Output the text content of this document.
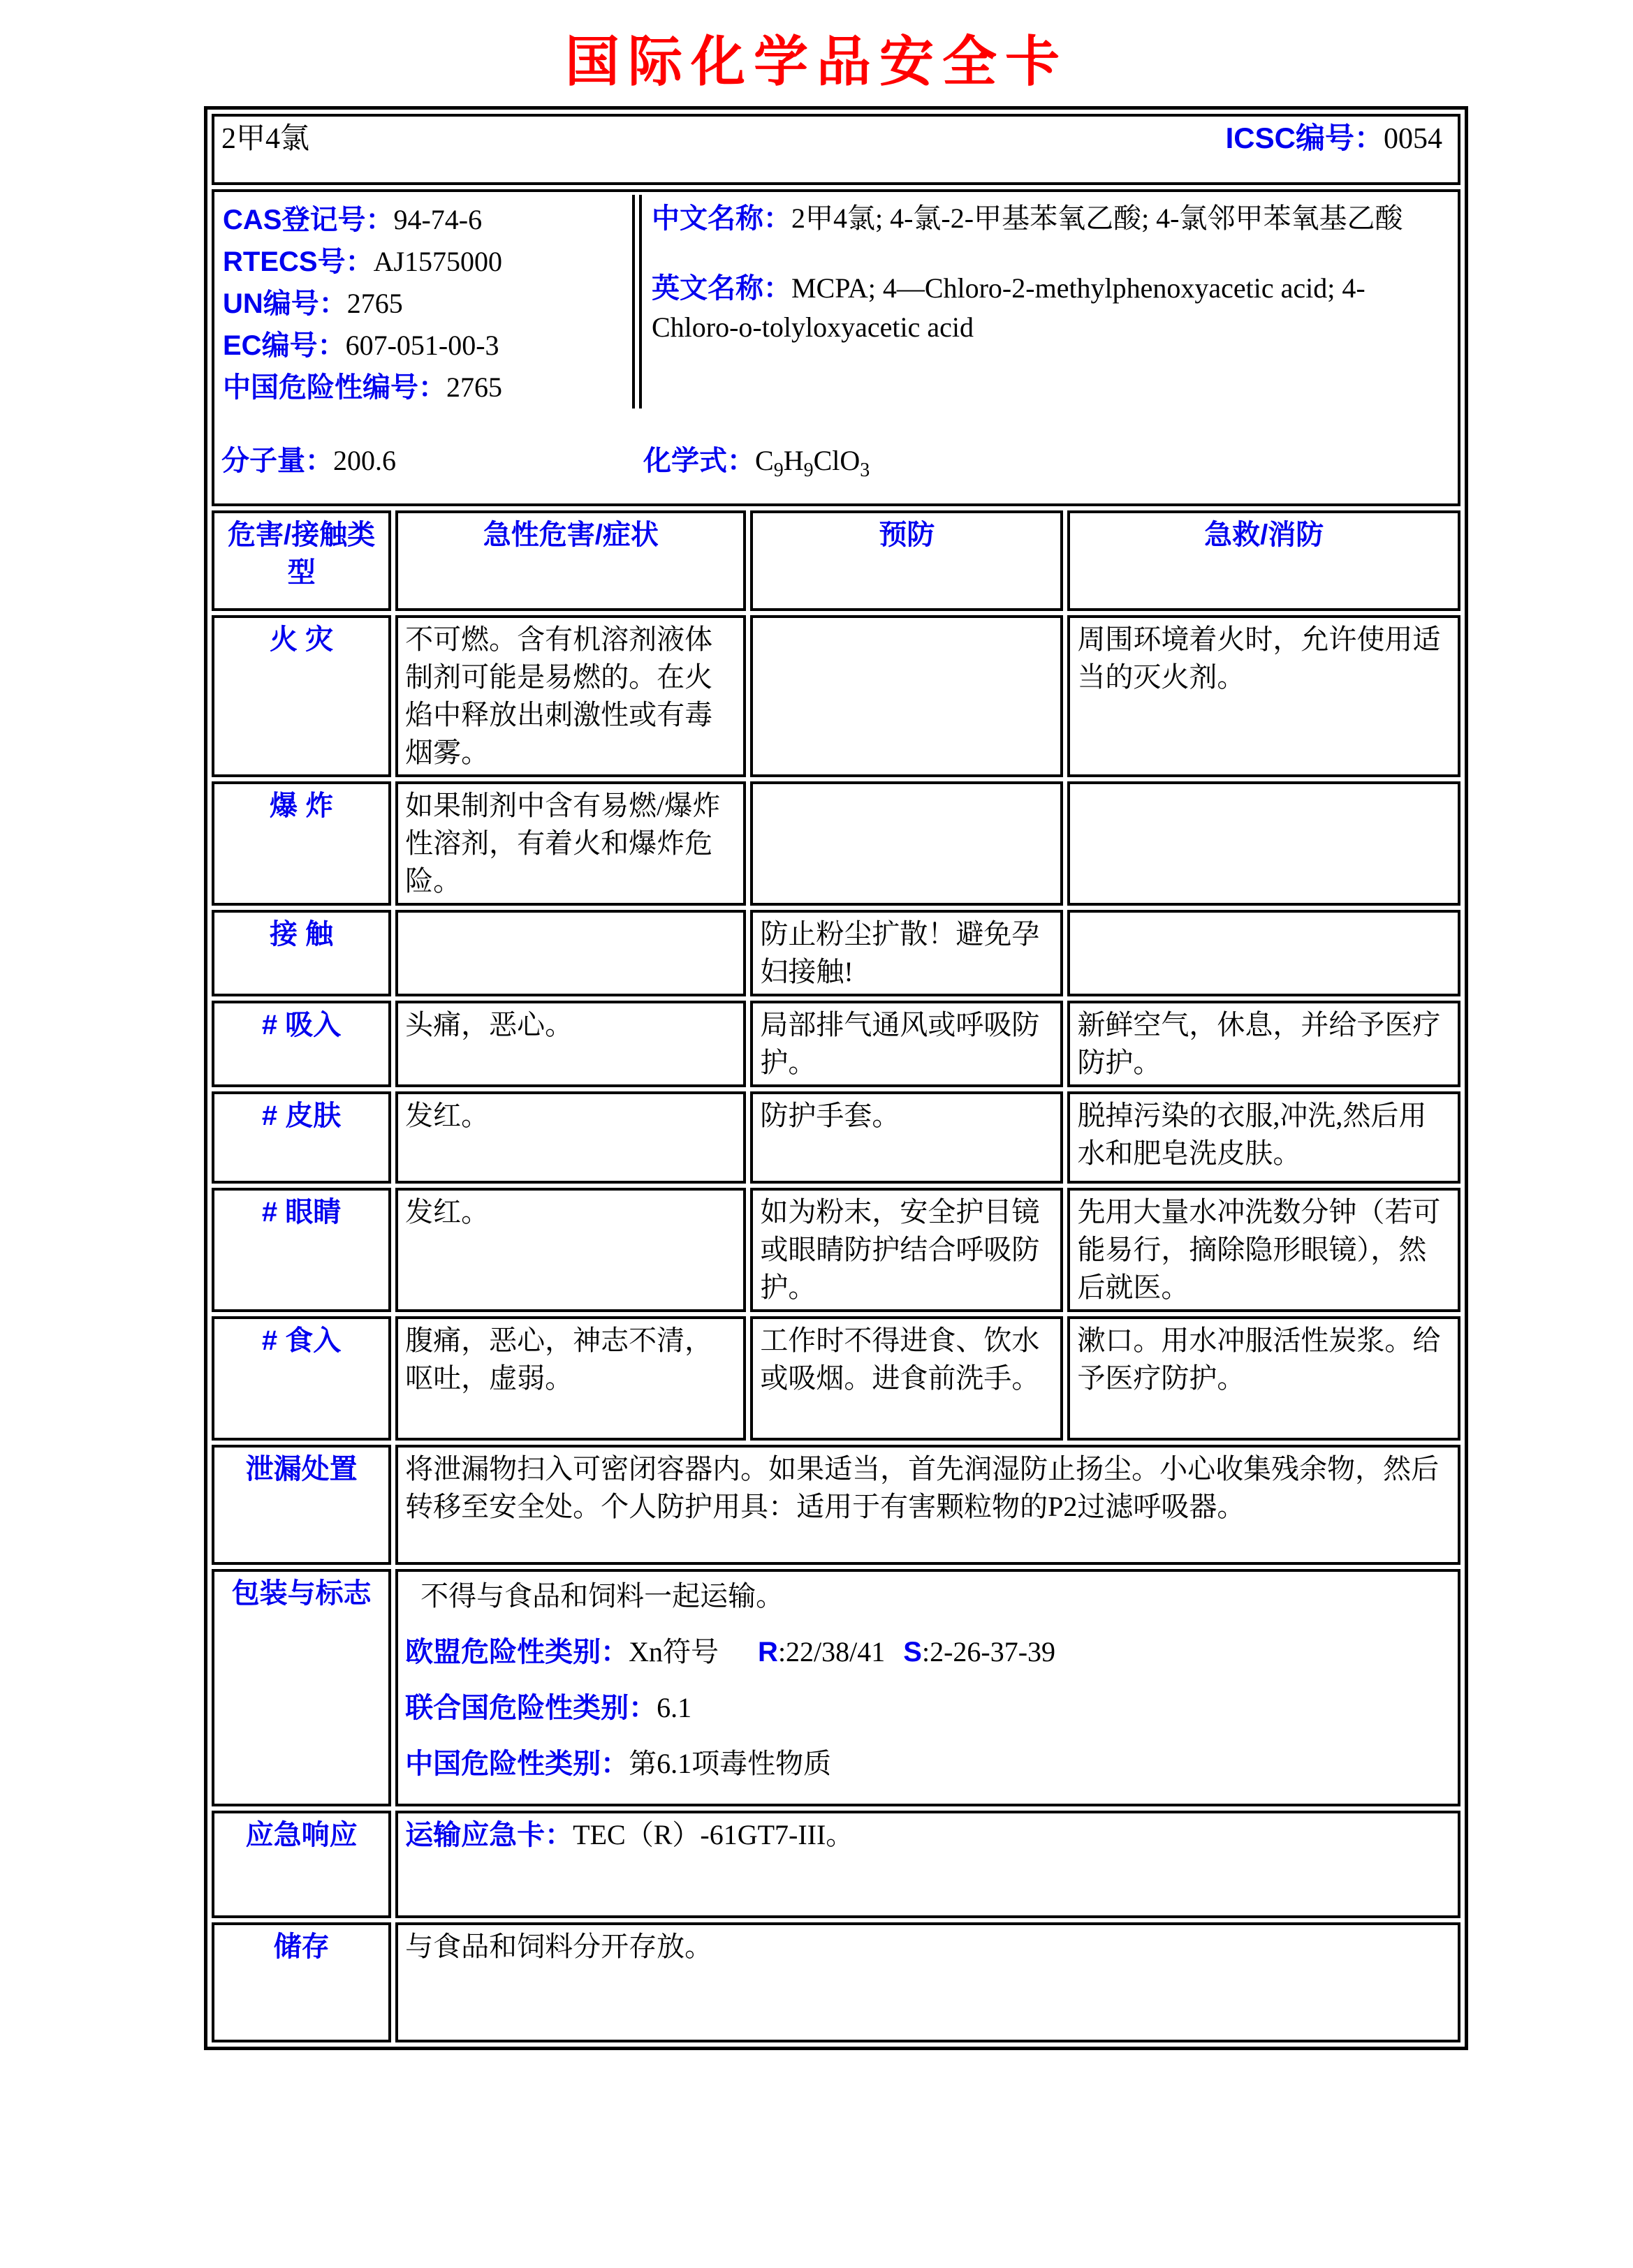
国际化学品安全卡
2甲4氯 ICSC编号：0054			

CAS登记号：94-74-6
RTECS号：AJ1575000
UN编号：2765
EC编号：607-051-00-3
中国危险性编号：2765
中文名称：2甲4氯; 4-氯-2-甲基苯氧乙酸; 4-氯邻甲苯氧基乙酸
英文名称：MCPA; 4—Chloro-2-methylphenoxyacetic acid; 4-Chloro-o-tolyloxyacetic acid
分子量：200.6	化学式：$C_9H_9ClO_3$

危害/接触类型	急性危害/症状	预防	急救/消防
火 灾	不可燃。含有机溶剂液体制剂可能是易燃的。在火焰中释放出刺激性或有毒烟雾。		周围环境着火时，允许使用适当的灭火剂。
爆 炸	如果制剂中含有易燃/爆炸性溶剂，有着火和爆炸危险。		
接 触		防止粉尘扩散！避免孕妇接触!	
# 吸入	头痛，恶心。	局部排气通风或呼吸防护。	新鲜空气，休息，并给予医疗防护。
# 皮肤	发红。	防护手套。	脱掉污染的衣服,冲洗,然后用水和肥皂洗皮肤。
# 眼睛	发红。	如为粉末，安全护目镜或眼睛防护结合呼吸防护。	先用大量水冲洗数分钟（若可能易行，摘除隐形眼镜），然后就医。
# 食入	腹痛，恶心，神志不清，呕吐，虚弱。	工作时不得进食、饮水或吸烟。进食前洗手。	漱口。用水冲服活性炭浆。给予医疗防护。
泄漏处置	将泄漏物扫入可密闭容器内。如果适当，首先润湿防止扬尘。小心收集残余物，然后转移至安全处。个人防护用具：适用于有害颗粒物的P2过滤呼吸器。		
包装与标志	不得与食品和饲料一起运输。
欧盟危险性类别：Xn符号 R:22/38/41 S:2-26-37-39
联合国危险性类别：6.1
中国危险性类别：第6.1项毒性物质		

应急响应	运输应急卡：TEC（R）-61GT7-III。		
储存	与食品和饲料分开存放。		
